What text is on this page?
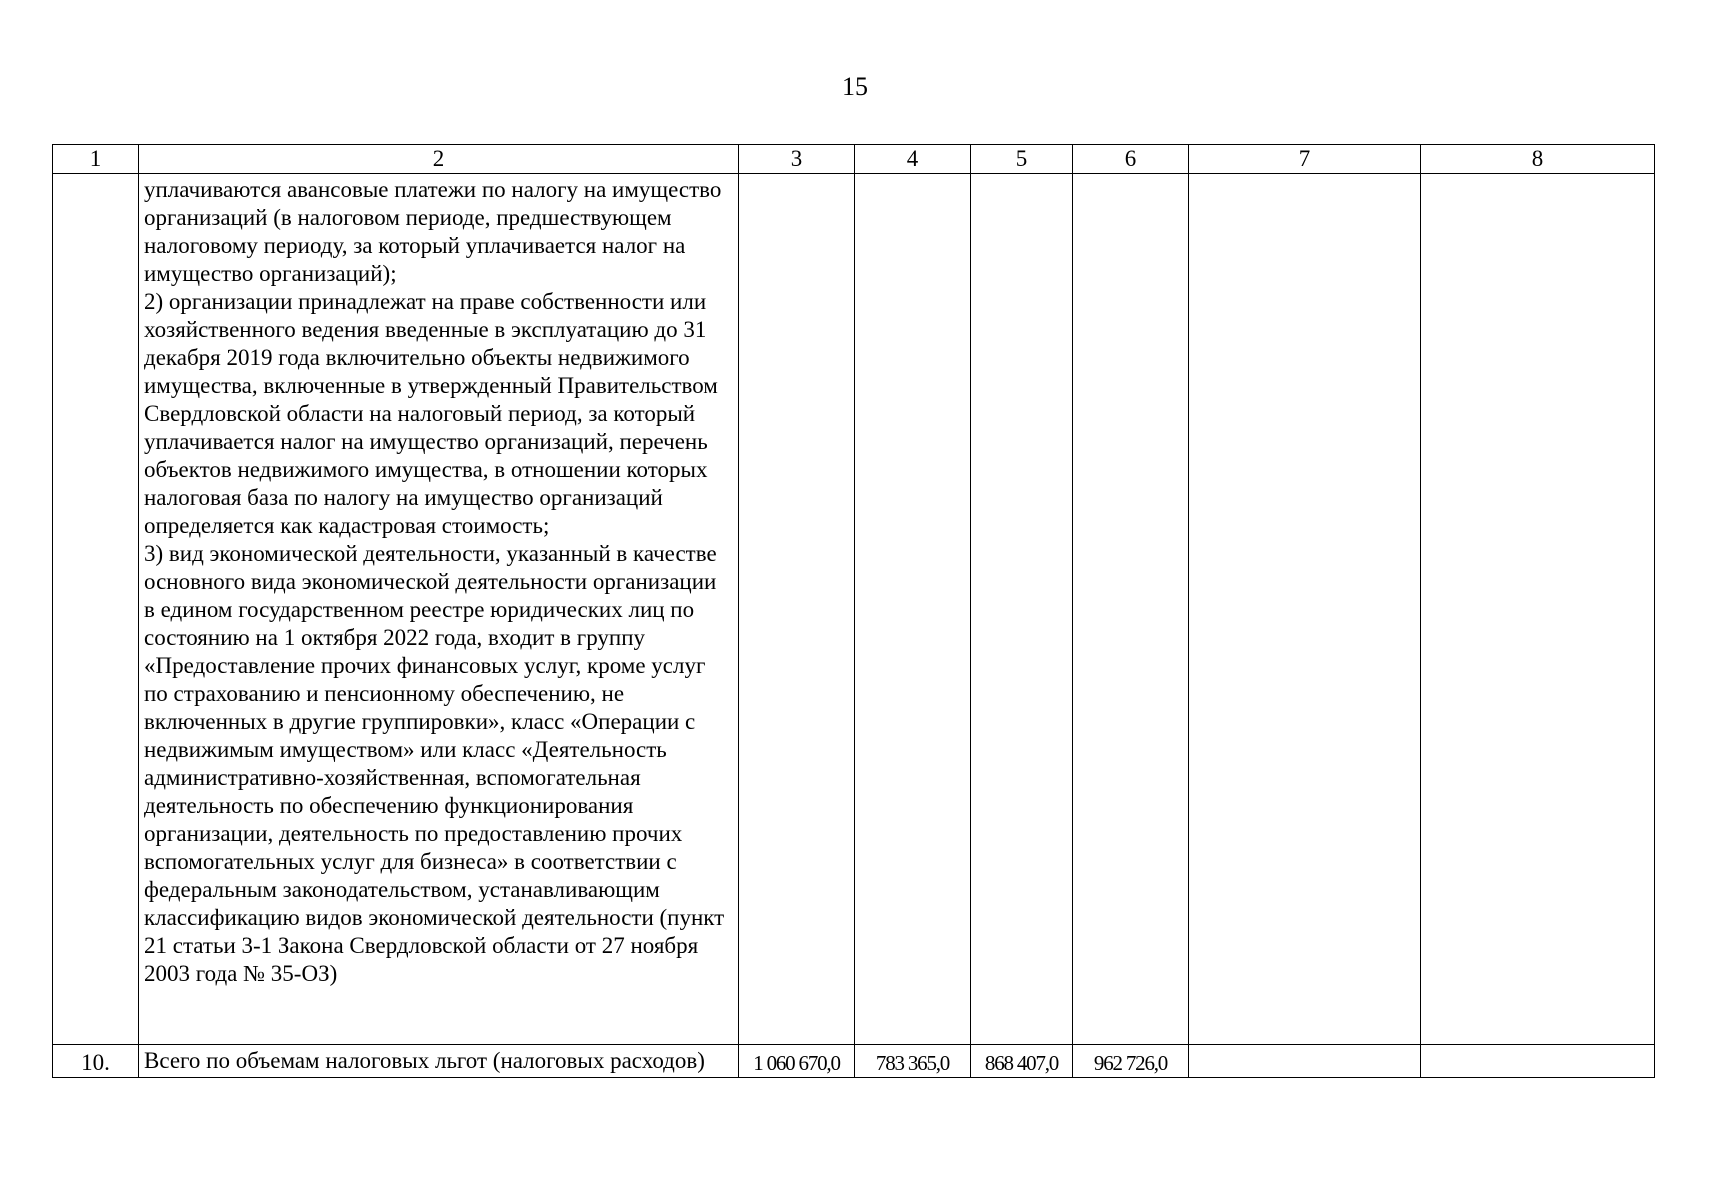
15
1	2	3	4	5	6	7	8

	уплачиваются авансовые платежи по налогу на имущество организаций (в налоговом периоде, предшествующем налоговому периоду, за который уплачивается налог на имущество организаций);
2) организации принадлежат на праве собственности или хозяйственного ведения введенные в эксплуатацию до 31 декабря 2019 года включительно объекты недвижимого имущества, включенные в утвержденный Правительством Свердловской области на налоговый период, за который уплачивается налог на имущество организаций, перечень объектов недвижимого имущества, в отношении которых налоговая база по налогу на имущество организаций определяется как кадастровая стоимость;
3) вид экономической деятельности, указанный в качестве основного вида экономической деятельности организации в едином государственном реестре юридических лиц по состоянию на 1 октября 2022 года, входит в группу «Предоставление прочих финансовых услуг, кроме услуг по страхованию и пенсионному обеспечению, не включенных в другие группировки», класс «Операции с недвижимым имуществом» или класс «Деятельность административно-хозяйственная, вспомогательная деятельность по обеспечению функционирования организации, деятельность по предоставлению прочих вспомогательных услуг для бизнеса» в соответствии с федеральным законодательством, устанавливающим классификацию видов экономической деятельности (пункт 21 статьи 3-1 Закона Свердловской области от 27 ноября 2003 года № 35-ОЗ)						

10.	Всего по объемам налоговых льгот (налоговых расходов)	1 060 670,0	783 365,0	868 407,0	962 726,0		
